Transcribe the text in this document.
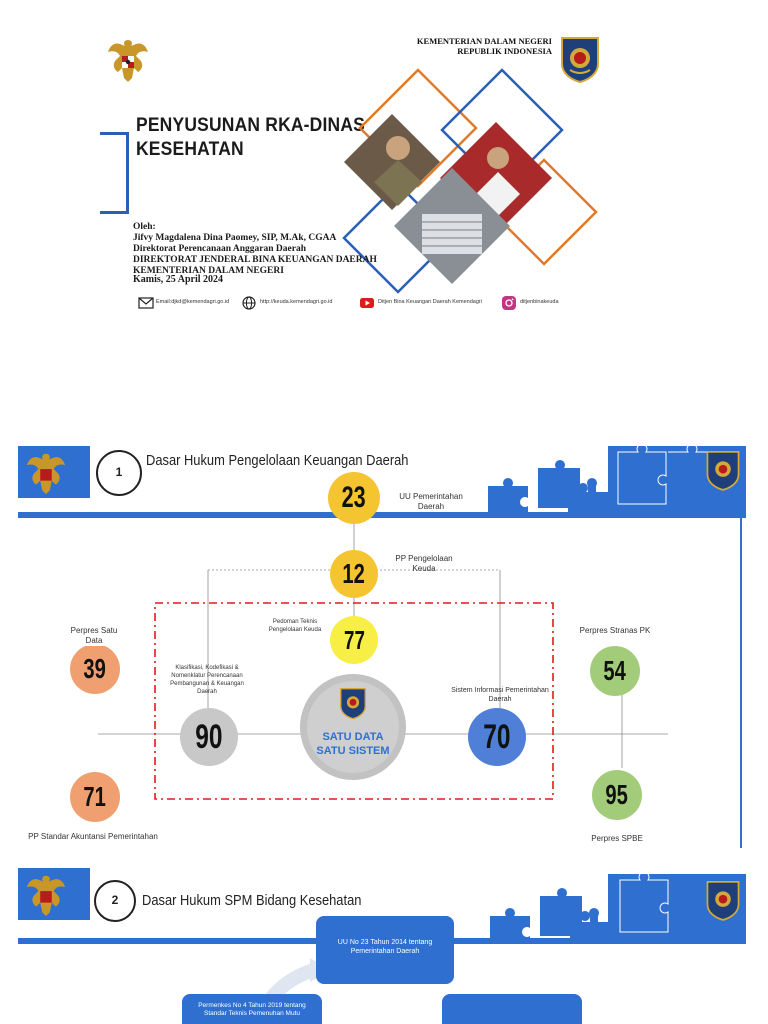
KEMENTERIAN DALAM NEGERI
REPUBLIK INDONESIA
PENYUSUNAN RKA-DINAS
KESEHATAN
Oleh:
Jifvy Magdalena Dina Paomey, SIP, M.Ak, CGAA
Direktorat Perencanaan Anggaran Daerah
DIREKTORAT JENDERAL BINA KEUANGAN DAERAH
KEMENTERIAN DALAM NEGERI
Kamis, 25 April 2024
Email:djkd@kemendagri.go.id	http://keuda.kemendagri.go.id	Ditjen Bina Keuangan Daerah Kemendagri	ditjenbinakeuda
1
Dasar Hukum Pengelolaan Keuangan Daerah
SATU DATA
SATU SISTEM
23	UU Pemerintahan Daerah
12	PP Pengelolaan Keuda
77
Pedoman Teknis Pengelolaan Keuda
39
Perpres Satu Data
54
Perpres Stranas PK
90
Klasifikasi, Kodefikasi & Nomenklatur Perencanaan Pembangunan & Keuangan Daerah
70
Sistem Informasi Pemerintahan Daerah
71
PP Standar Akuntansi Pemerintahan
95
Perpres SPBE
2	Dasar Hukum SPM Bidang Kesehatan
UU No 23 Tahun 2014 tentang Pemerintahan Daerah
Permenkes No 4 Tahun 2019 tentang Standar Teknis Pemenuhan Mutu
